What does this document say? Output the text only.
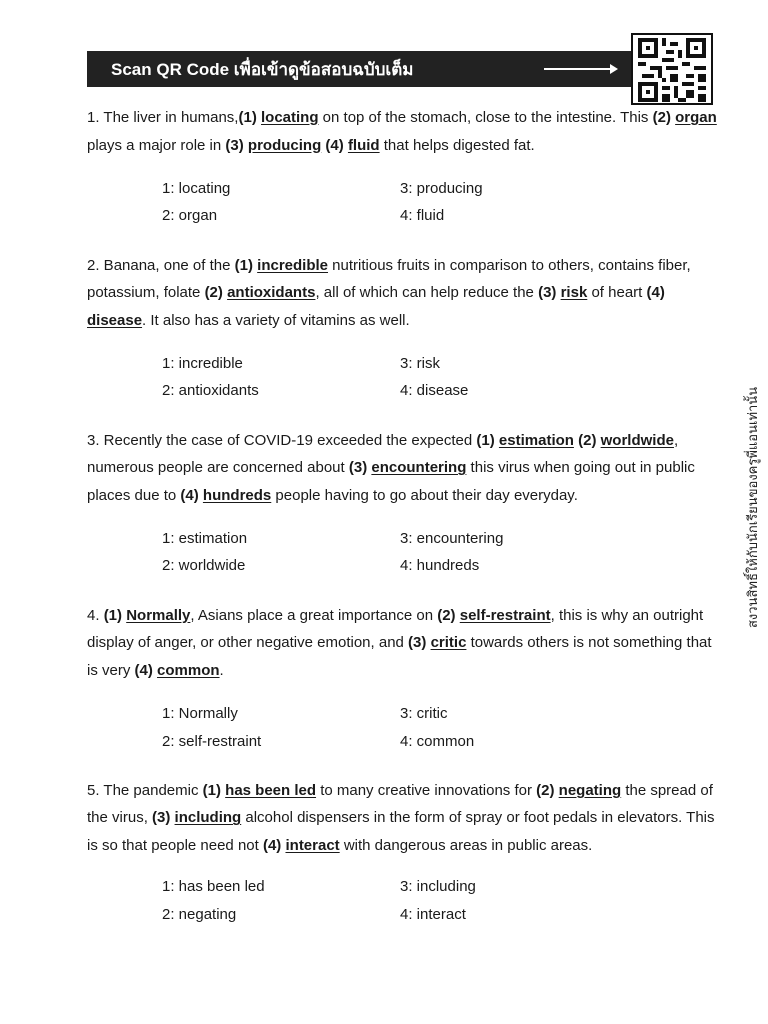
Scan QR Code เพื่อเข้าดูข้อสอบฉบับเต็ม

1. The liver in humans,(1) locating on top of the stomach, close to the intestine. This (2) organ plays a major role in (3) producing (4) fluid that helps digested fat.

1: locating	3: producing
2: organ	4: fluid

2. Banana, one of the (1) incredible nutritious fruits in comparison to others, contains fiber, potassium, folate (2) antioxidants, all of which can help reduce the (3) risk of heart (4) disease. It also has a variety of vitamins as well.

1: incredible	3: risk
2: antioxidants	4: disease

3. Recently the case of COVID-19 exceeded the expected (1) estimation (2) worldwide, numerous people are concerned about (3) encountering this virus when going out in public places due to (4) hundreds people having to go about their day everyday.

1: estimation	3: encountering
2: worldwide	4: hundreds

4. (1) Normally, Asians place a great importance on (2) self-restraint, this is why an outright display of anger, or other negative emotion, and (3) critic towards others is not something that is very (4) common.

1: Normally	3: critic
2: self-restraint	4: common

5. The pandemic (1) has been led to many creative innovations for (2) negating the spread of the virus, (3) including alcohol dispensers in the form of spray or foot pedals in elevators. This is so that people need not (4) interact with dangerous areas in public areas.

1: has been led	3: including
2: negating	4: interact
สงวนสิทธิ์ให้กับนักเรียนของครูพี่แอนเท่านั้น
